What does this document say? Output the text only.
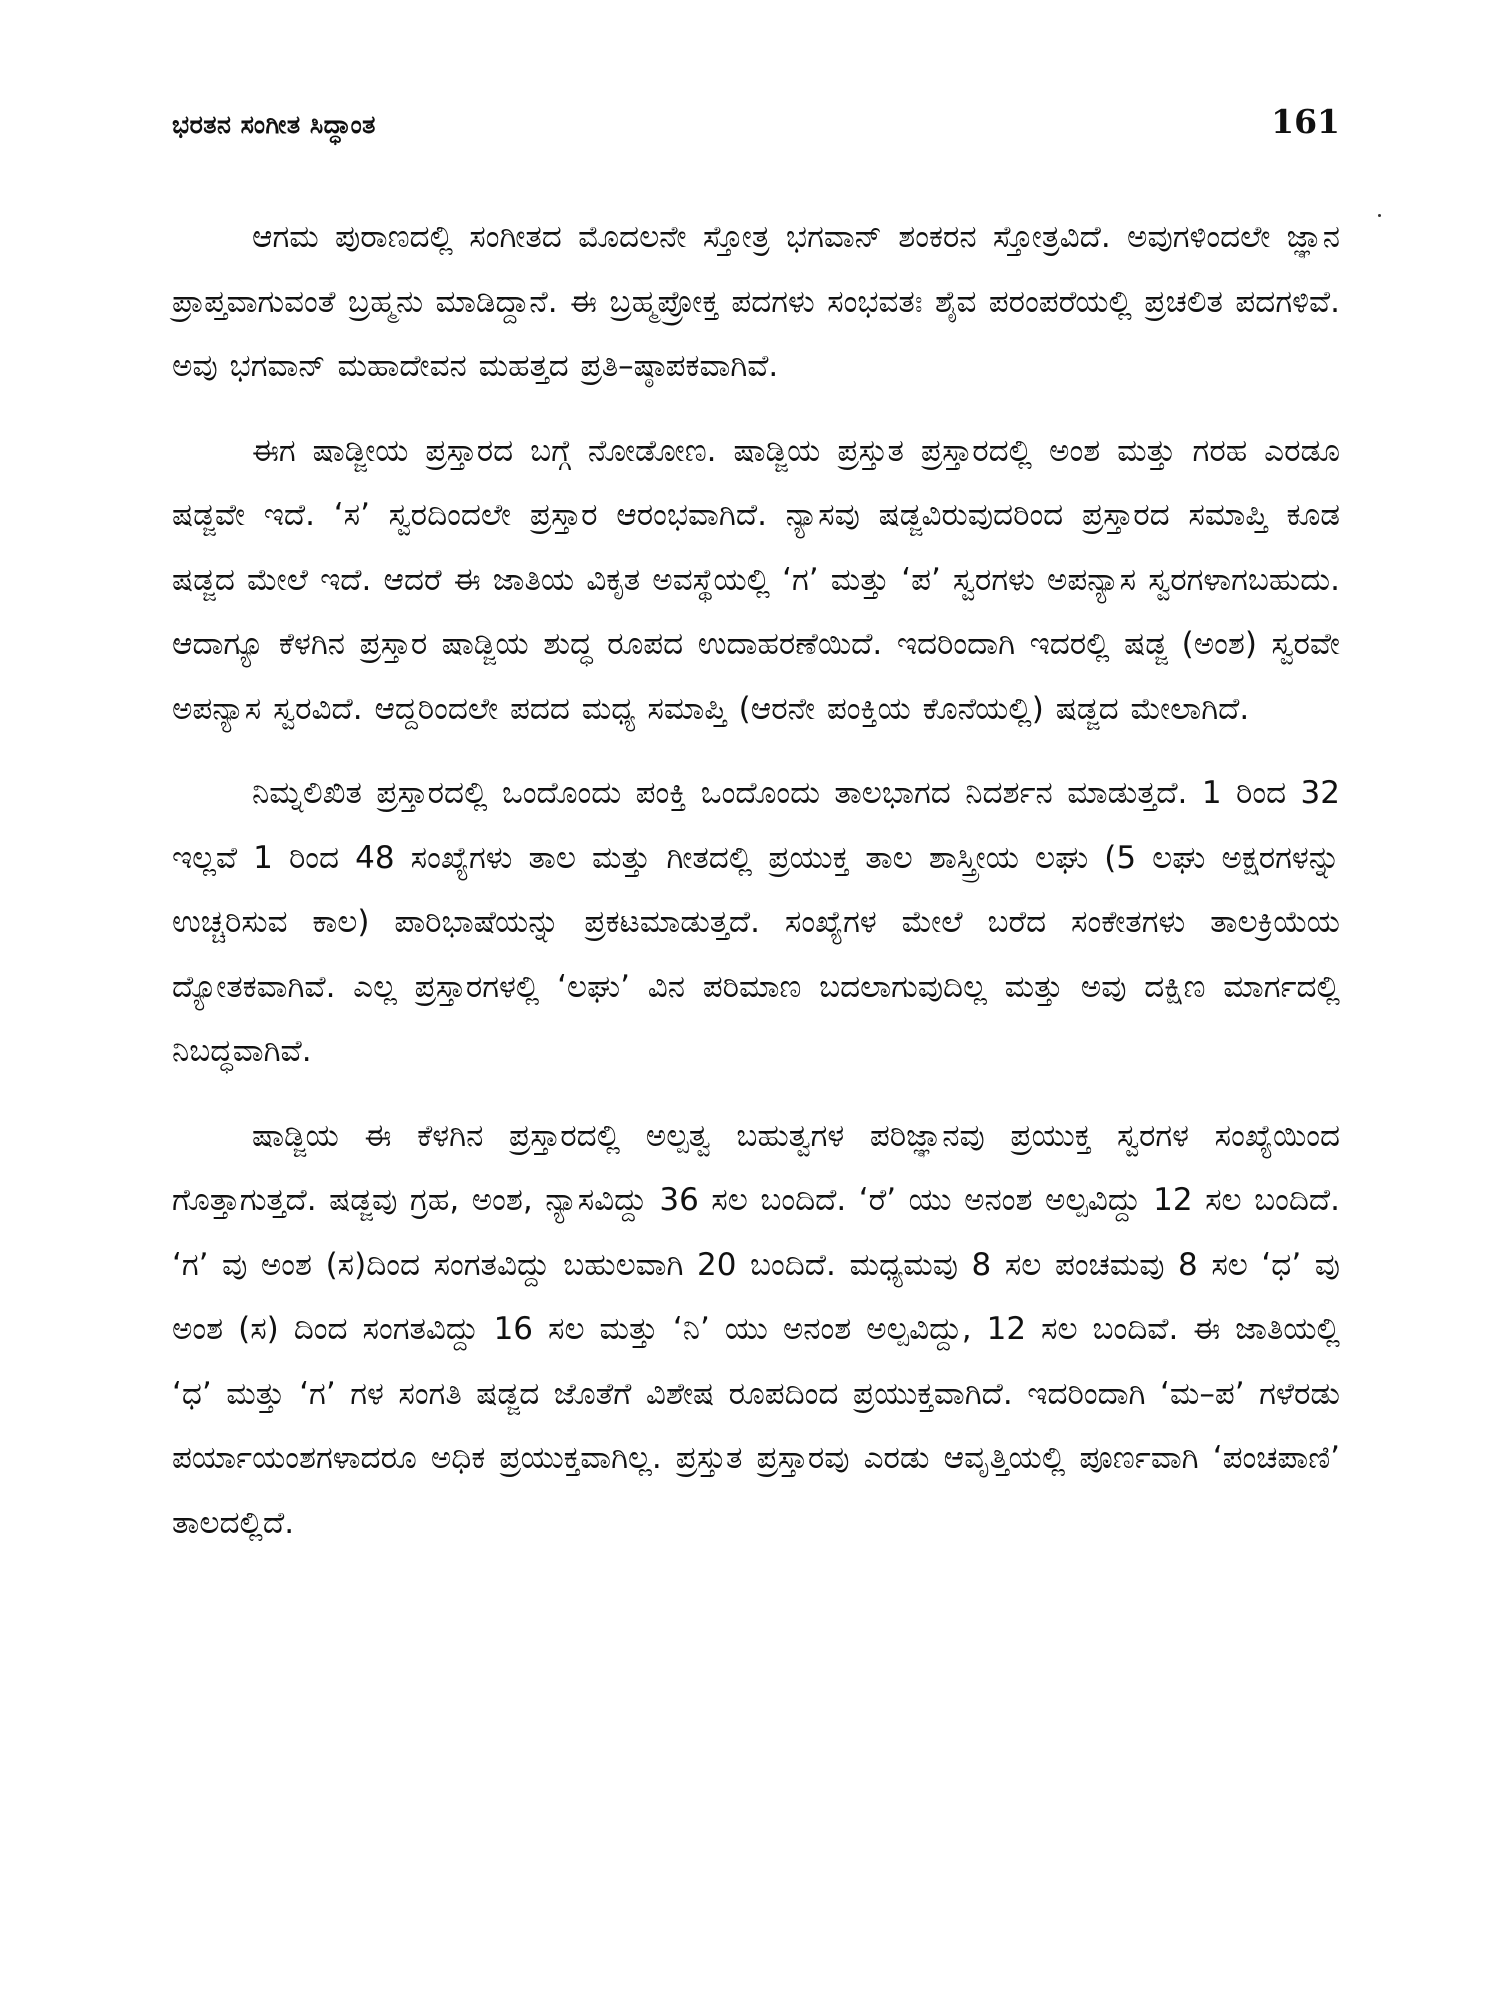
ಭರತನ ಸಂಗೀತ ಸಿದ್ಧಾಂತ	161

ಆಗಮ ಪುರಾಣದಲ್ಲಿ ಸಂಗೀತದ ಮೊದಲನೇ ಸ್ತೋತ್ರ ಭಗವಾನ್ ಶಂಕರನ ಸ್ತೋತ್ರವಿದೆ. ಅವುಗಳಿಂದಲೇ ಜ್ಞಾನ ಪ್ರಾಪ್ತವಾಗುವಂತೆ ಬ್ರಹ್ಮನು ಮಾಡಿದ್ದಾನೆ. ಈ ಬ್ರಹ್ಮಪ್ರೋಕ್ತ ಪದಗಳು ಸಂಭವತಃ ಶೈವ ಪರಂಪರೆಯಲ್ಲಿ ಪ್ರಚಲಿತ ಪದಗಳಿವೆ. ಅವು ಭಗವಾನ್ ಮಹಾದೇವನ ಮಹತ್ತದ ಪ್ರತಿ–ಷ್ಠಾಪಕವಾಗಿವೆ.

ಈಗ ಷಾಡ್ಜೀಯ ಪ್ರಸ್ತಾರದ ಬಗ್ಗೆ ನೋಡೋಣ. ಷಾಡ್ಜಿಯ ಪ್ರಸ್ತುತ ಪ್ರಸ್ತಾರದಲ್ಲಿ ಅಂಶ ಮತ್ತು ಗರಹ ಎರಡೂ ಷಡ್ಜವೇ ಇದೆ. ‘ಸ’ ಸ್ವರದಿಂದಲೇ ಪ್ರಸ್ತಾರ ಆರಂಭವಾಗಿದೆ. ನ್ಯಾಸವು ಷಡ್ಜವಿರುವುದರಿಂದ ಪ್ರಸ್ತಾರದ ಸಮಾಪ್ತಿ ಕೂಡ ಷಡ್ಜದ ಮೇಲೆ ಇದೆ. ಆದರೆ ಈ ಜಾತಿಯ ವಿಕೃತ ಅವಸ್ಥೆಯಲ್ಲಿ ‘ಗ’ ಮತ್ತು ‘ಪ’ ಸ್ವರಗಳು ಅಪನ್ಯಾಸ ಸ್ವರಗಳಾಗಬಹುದು. ಆದಾಗ್ಯೂ ಕೆಳಗಿನ ಪ್ರಸ್ತಾರ ಷಾಡ್ಜಿಯ ಶುದ್ಧ ರೂಪದ ಉದಾಹರಣೆಯಿದೆ. ಇದರಿಂದಾಗಿ ಇದರಲ್ಲಿ ಷಡ್ಜ (ಅಂಶ) ಸ್ವರವೇ ಅಪನ್ಯಾಸ ಸ್ವರವಿದೆ. ಆದ್ದರಿಂದಲೇ ಪದದ ಮಧ್ಯ ಸಮಾಪ್ತಿ (ಆರನೇ ಪಂಕ್ತಿಯ ಕೊನೆಯಲ್ಲಿ) ಷಡ್ಜದ ಮೇಲಾಗಿದೆ.

ನಿಮ್ನಲಿಖಿತ ಪ್ರಸ್ತಾರದಲ್ಲಿ ಒಂದೊಂದು ಪಂಕ್ತಿ ಒಂದೊಂದು ತಾಲಭಾಗದ ನಿದರ್ಶನ ಮಾಡುತ್ತದೆ. 1 ರಿಂದ 32 ಇಲ್ಲವೆ 1 ರಿಂದ 48 ಸಂಖ್ಯೆಗಳು ತಾಲ ಮತ್ತು ಗೀತದಲ್ಲಿ ಪ್ರಯುಕ್ತ ತಾಲ ಶಾಸ್ತ್ರೀಯ ಲಘು (5 ಲಘು ಅಕ್ಷರಗಳನ್ನು ಉಚ್ಚರಿಸುವ ಕಾಲ) ಪಾರಿಭಾಷೆಯನ್ನು ಪ್ರಕಟಮಾಡುತ್ತದೆ. ಸಂಖ್ಯೆಗಳ ಮೇಲೆ ಬರೆದ ಸಂಕೇತಗಳು ತಾಲಕ್ರಿಯೆಯ ದ್ಯೋತಕವಾಗಿವೆ. ಎಲ್ಲ ಪ್ರಸ್ತಾರಗಳಲ್ಲಿ ‘ಲಘು’ ವಿನ ಪರಿಮಾಣ ಬದಲಾಗುವುದಿಲ್ಲ ಮತ್ತು ಅವು ದಕ್ಷಿಣ ಮಾರ್ಗದಲ್ಲಿ ನಿಬದ್ಧವಾಗಿವೆ.

ಷಾಡ್ಜಿಯ ಈ ಕೆಳಗಿನ ಪ್ರಸ್ತಾರದಲ್ಲಿ ಅಲ್ಪತ್ವ ಬಹುತ್ವಗಳ ಪರಿಜ್ಞಾನವು ಪ್ರಯುಕ್ತ ಸ್ವರಗಳ ಸಂಖ್ಯೆಯಿಂದ ಗೊತ್ತಾಗುತ್ತದೆ. ಷಡ್ಜವು ಗ್ರಹ, ಅಂಶ, ನ್ಯಾಸವಿದ್ದು 36 ಸಲ ಬಂದಿದೆ. ‘ರೆ’ ಯು ಅನಂಶ ಅಲ್ಪವಿದ್ದು 12 ಸಲ ಬಂದಿದೆ. ‘ಗ’ ವು ಅಂಶ (ಸ)ದಿಂದ ಸಂಗತವಿದ್ದು ಬಹುಲವಾಗಿ 20 ಬಂದಿದೆ. ಮಧ್ಯಮವು 8 ಸಲ ಪಂಚಮವು 8 ಸಲ ‘ಧ’ ವು ಅಂಶ (ಸ) ದಿಂದ ಸಂಗತವಿದ್ದು 16 ಸಲ ಮತ್ತು ‘ನಿ’ ಯು ಅನಂಶ ಅಲ್ಪವಿದ್ದು, 12 ಸಲ ಬಂದಿವೆ. ಈ ಜಾತಿಯಲ್ಲಿ ‘ಧ’ ಮತ್ತು ‘ಗ’ ಗಳ ಸಂಗತಿ ಷಡ್ಜದ ಜೊತೆಗೆ ವಿಶೇಷ ರೂಪದಿಂದ ಪ್ರಯುಕ್ತವಾಗಿದೆ. ಇದರಿಂದಾಗಿ ‘ಮ–ಪ’ ಗಳೆರಡು ಪರ್ಯಾಯಂಶಗಳಾದರೂ ಅಧಿಕ ಪ್ರಯುಕ್ತವಾಗಿಲ್ಲ. ಪ್ರಸ್ತುತ ಪ್ರಸ್ತಾರವು ಎರಡು ಆವೃತ್ತಿಯಲ್ಲಿ ಪೂರ್ಣವಾಗಿ ‘ಪಂಚಪಾಣಿ’ ತಾಲದಲ್ಲಿದೆ.
